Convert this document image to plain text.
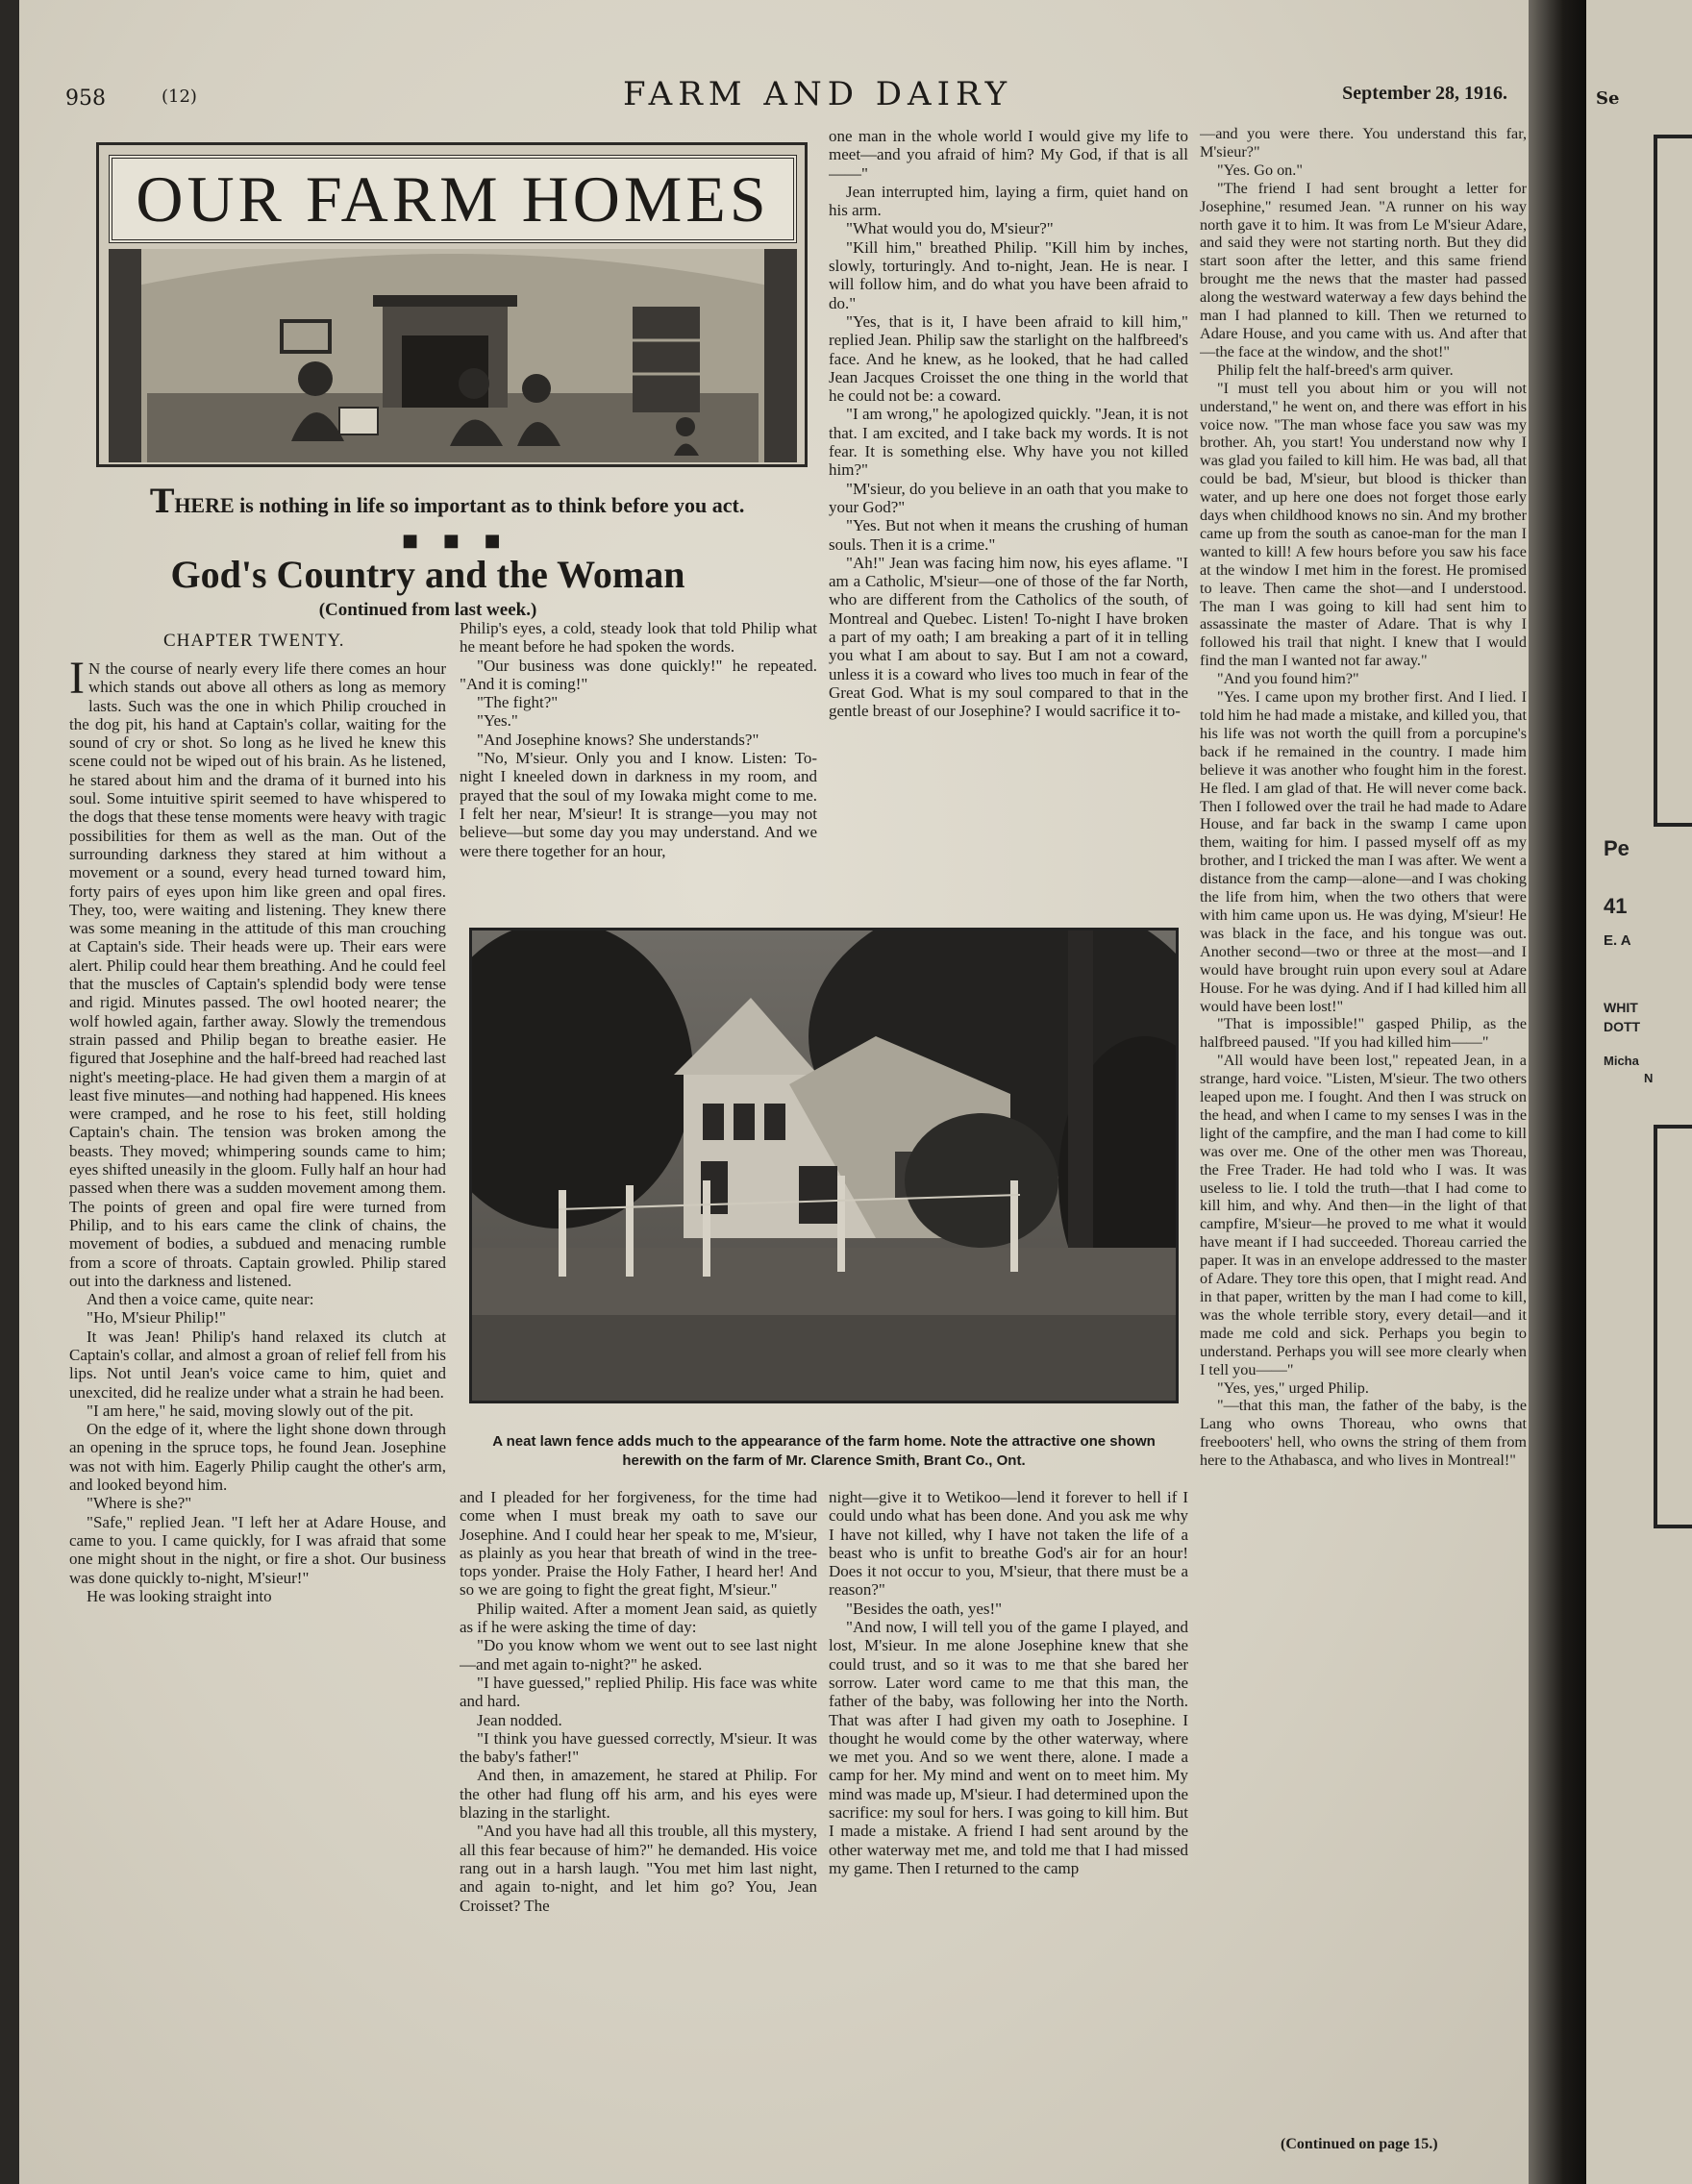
958	(12)	FARM AND DAIRY	September 28, 1916.
OUR FARM HOMES
THERE is nothing in life so important as to think before you act.
■ ■ ■
God's Country and the Woman
(Continued from last week.)
CHAPTER TWENTY.

I N the course of nearly every life there comes an hour which stands out above all others as long as memory lasts. Such was the one in which Philip crouched in the dog pit, his hand at Captain's collar, waiting for the sound of cry or shot. So long as he lived he knew this scene could not be wiped out of his brain. As he listened, he stared about him and the drama of it burned into his soul. Some intuitive spirit seemed to have whispered to the dogs that these tense moments were heavy with tragic possibilities for them as well as the man. Out of the surrounding darkness they stared at him without a movement or a sound, every head turned toward him, forty pairs of eyes upon him like green and opal fires. They, too, were waiting and listening. They knew there was some meaning in the attitude of this man crouching at Captain's side. Their heads were up. Their ears were alert. Philip could hear them breathing. And he could feel that the muscles of Captain's splendid body were tense and rigid. Minutes passed. The owl hooted nearer; the wolf howled again, farther away. Slowly the tremendous strain passed and Philip began to breathe easier. He figured that Josephine and the half-breed had reached last night's meeting-place. He had given them a margin of at least five minutes—and nothing had happened. His knees were cramped, and he rose to his feet, still holding Captain's chain. The tension was broken among the beasts. They moved; whimpering sounds came to him; eyes shifted uneasily in the gloom. Fully half an hour had passed when there was a sudden movement among them. The points of green and opal fire were turned from Philip, and to his ears came the clink of chains, the movement of bodies, a subdued and menacing rumble from a score of throats. Captain growled. Philip stared out into the darkness and listened.

And then a voice came, quite near:

"Ho, M'sieur Philip!"

It was Jean! Philip's hand relaxed its clutch at Captain's collar, and almost a groan of relief fell from his lips. Not until Jean's voice came to him, quiet and unexcited, did he realize under what a strain he had been.

"I am here," he said, moving slowly out of the pit.

On the edge of it, where the light shone down through an opening in the spruce tops, he found Jean. Josephine was not with him. Eagerly Philip caught the other's arm, and looked beyond him.

"Where is she?"

"Safe," replied Jean. "I left her at Adare House, and came to you. I came quickly, for I was afraid that some one might shout in the night, or fire a shot. Our business was done quickly to-night, M'sieur!"

He was looking straight into

Philip's eyes, a cold, steady look that told Philip what he meant before he had spoken the words.

"Our business was done quickly!" he repeated. "And it is coming!"

"The fight?"

"Yes."

"And Josephine knows? She understands?"

"No, M'sieur. Only you and I know. Listen: To-night I kneeled down in darkness in my room, and prayed that the soul of my Iowaka might come to me. I felt her near, M'sieur! It is strange—you may not believe—but some day you may understand. And we were there together for an hour,

one man in the whole world I would give my life to meet—and you afraid of him? My God, if that is all——"

Jean interrupted him, laying a firm, quiet hand on his arm.

"What would you do, M'sieur?"

"Kill him," breathed Philip. "Kill him by inches, slowly, torturingly. And to-night, Jean. He is near. I will follow him, and do what you have been afraid to do."

"Yes, that is it, I have been afraid to kill him," replied Jean. Philip saw the starlight on the halfbreed's face. And he knew, as he looked, that he had called Jean Jacques Croisset the one thing in the world that he could not be: a coward.

"I am wrong," he apologized quickly. "Jean, it is not that. I am excited, and I take back my words. It is not fear. It is something else. Why have you not killed him?"

"M'sieur, do you believe in an oath that you make to your God?"

"Yes. But not when it means the crushing of human souls. Then it is a crime."

"Ah!" Jean was facing him now, his eyes aflame. "I am a Catholic, M'sieur—one of those of the far North, who are different from the Catholics of the south, of Montreal and Quebec. Listen! To-night I have broken a part of my oath; I am breaking a part of it in telling you what I am about to say. But I am not a coward, unless it is a coward who lives too much in fear of the Great God. What is my soul compared to that in the gentle breast of our Josephine? I would sacrifice it to-

—and you were there. You understand this far, M'sieur?"

"Yes. Go on."

"The friend I had sent brought a letter for Josephine," resumed Jean. "A runner on his way north gave it to him. It was from Le M'sieur Adare, and said they were not starting north. But they did start soon after the letter, and this same friend brought me the news that the master had passed along the westward waterway a few days behind the man I had planned to kill. Then we returned to Adare House, and you came with us. And after that—the face at the window, and the shot!"

Philip felt the half-breed's arm quiver.

"I must tell you about him or you will not understand," he went on, and there was effort in his voice now. "The man whose face you saw was my brother. Ah, you start! You understand now why I was glad you failed to kill him. He was bad, all that could be bad, M'sieur, but blood is thicker than water, and up here one does not forget those early days when childhood knows no sin. And my brother came up from the south as canoe-man for the man I wanted to kill! A few hours before you saw his face at the window I met him in the forest. He promised to leave. Then came the shot—and I understood. The man I was going to kill had sent him to assassinate the master of Adare. That is why I followed his trail that night. I knew that I would find the man I wanted not far away."

"And you found him?"

"Yes. I came upon my brother first. And I lied. I told him he had made a mistake, and killed you, that his life was not worth the quill from a porcupine's back if he remained in the country. I made him believe it was another who fought him in the forest. He fled. I am glad of that. He will never come back. Then I followed over the trail he had made to Adare House, and far back in the swamp I came upon them, waiting for him. I passed myself off as my brother, and I tricked the man I was after. We went a distance from the camp—alone—and I was choking the life from him, when the two others that were with him came upon us. He was dying, M'sieur! He was black in the face, and his tongue was out. Another second—two or three at the most—and I would have brought ruin upon every soul at Adare House. For he was dying. And if I had killed him all would have been lost!"

"That is impossible!" gasped Philip, as the halfbreed paused. "If you had killed him——"

"All would have been lost," repeated Jean, in a strange, hard voice. "Listen, M'sieur. The two others leaped upon me. I fought. And then I was struck on the head, and when I came to my senses I was in the light of the campfire, and the man I had come to kill was over me. One of the other men was Thoreau, the Free Trader. He had told who I was. It was useless to lie. I told the truth—that I had come to kill him, and why. And then—in the light of that campfire, M'sieur—he proved to me what it would have meant if I had succeeded. Thoreau carried the paper. It was in an envelope addressed to the master of Adare. They tore this open, that I might read. And in that paper, written by the man I had come to kill, was the whole terrible story, every detail—and it made me cold and sick. Perhaps you begin to understand. Perhaps you will see more clearly when I tell you——"

"Yes, yes," urged Philip.

"—that this man, the father of the baby, is the Lang who owns Thoreau, who owns that freebooters' hell, who owns the string of them from here to the Athabasca, and who lives in Montreal!"

A neat lawn fence adds much to the appearance of the farm home. Note the attractive one shown herewith on the farm of Mr. Clarence Smith, Brant Co., Ont.

and I pleaded for her forgiveness, for the time had come when I must break my oath to save our Josephine. And I could hear her speak to me, M'sieur, as plainly as you hear that breath of wind in the tree-tops yonder. Praise the Holy Father, I heard her! And so we are going to fight the great fight, M'sieur."

Philip waited. After a moment Jean said, as quietly as if he were asking the time of day:

"Do you know whom we went out to see last night—and met again to-night?" he asked.

"I have guessed," replied Philip. His face was white and hard.

Jean nodded.

"I think you have guessed correctly, M'sieur. It was the baby's father!"

And then, in amazement, he stared at Philip. For the other had flung off his arm, and his eyes were blazing in the starlight.

"And you have had all this trouble, all this mystery, all this fear because of him?" he demanded. His voice rang out in a harsh laugh. "You met him last night, and again to-night, and let him go? You, Jean Croisset? The

night—give it to Wetikoo—lend it forever to hell if I could undo what has been done. And you ask me why I have not killed, why I have not taken the life of a beast who is unfit to breathe God's air for an hour! Does it not occur to you, M'sieur, that there must be a reason?"

"Besides the oath, yes!"

"And now, I will tell you of the game I played, and lost, M'sieur. In me alone Josephine knew that she could trust, and so it was to me that she bared her sorrow. Later word came to me that this man, the father of the baby, was following her into the North. That was after I had given my oath to Josephine. I thought he would come by the other waterway, where we met you. And so we went there, alone. I made a camp for her. My mind and went on to meet him. My mind was made up, M'sieur. I had determined upon the sacrifice: my soul for hers. I was going to kill him. But I made a mistake. A friend I had sent around by the other waterway met me, and told me that I had missed my game. Then I returned to the camp

(Continued on page 15.)
Se
Pe
41
E. A
WHIT
DOTT
Micha
N
